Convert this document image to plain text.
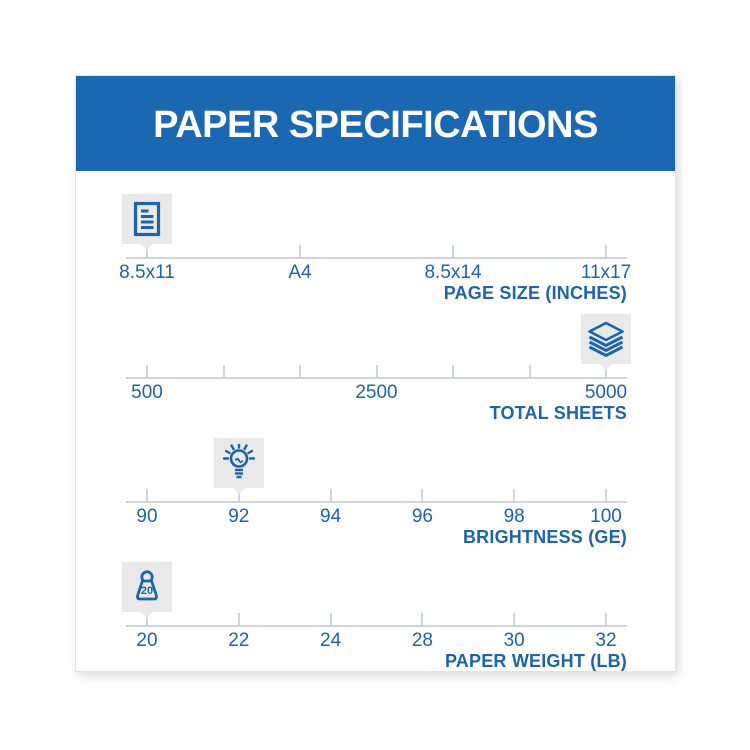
PAPER SPECIFICATIONS
8.5x11	A4	8.5x14	11x17
PAGE SIZE (INCHES)
500	2500	5000
TOTAL SHEETS
90	92	94	96	98	100
BRIGHTNESS (GE)
20
20
22	24	28	30	32
PAPER WEIGHT (LB)
